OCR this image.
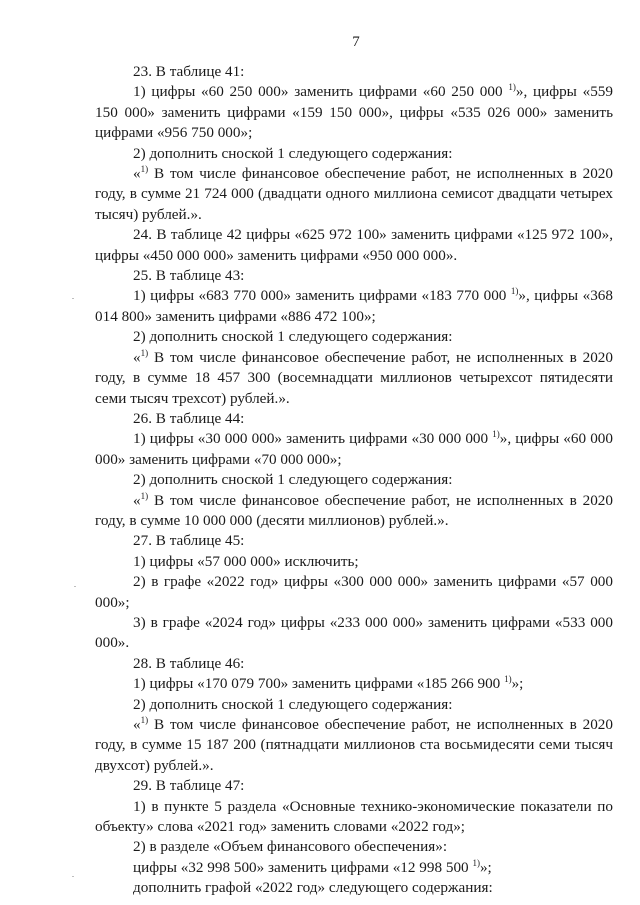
7

23. В таблице 41:

1) цифры «60 250 000» заменить цифрами «60 250 000 $^{1)}$», цифры «559 150 000» заменить цифрами «159 150 000», цифры «535 026 000» заменить цифрами «956 750 000»;

2) дополнить сноской 1 следующего содержания:

«$^{1)}$ В том числе финансовое обеспечение работ, не исполненных в 2020 году, в сумме 21 724 000 (двадцати одного миллиона семисот двадцати четырех тысяч) рублей.».

24. В таблице 42 цифры «625 972 100» заменить цифрами «125 972 100», цифры «450 000 000» заменить цифрами «950 000 000».

25. В таблице 43:

1) цифры «683 770 000» заменить цифрами «183 770 000 $^{1)}$», цифры «368 014 800» заменить цифрами «886 472 100»;

2) дополнить сноской 1 следующего содержания:

«$^{1)}$ В том числе финансовое обеспечение работ, не исполненных в 2020 году, в сумме 18 457 300 (восемнадцати миллионов четырехсот пятидесяти семи тысяч трехсот) рублей.».

26. В таблице 44:

1) цифры «30 000 000» заменить цифрами «30 000 000 $^{1)}$», цифры «60 000 000» заменить цифрами «70 000 000»;

2) дополнить сноской 1 следующего содержания:

«$^{1)}$ В том числе финансовое обеспечение работ, не исполненных в 2020 году, в сумме 10 000 000 (десяти миллионов) рублей.».

27. В таблице 45:

1) цифры «57 000 000» исключить;

2) в графе «2022 год» цифры «300 000 000» заменить цифрами «57 000 000»;

3) в графе «2024 год» цифры «233 000 000» заменить цифрами «533 000 000».

28. В таблице 46:

1) цифры «170 079 700» заменить цифрами «185 266 900 $^{1)}$»;

2) дополнить сноской 1 следующего содержания:

«$^{1)}$ В том числе финансовое обеспечение работ, не исполненных в 2020 году, в сумме 15 187 200 (пятнадцати миллионов ста восьмидесяти семи тысяч двухсот) рублей.».

29. В таблице 47:

1) в пункте 5 раздела «Основные технико-экономические показатели по объекту» слова «2021 год» заменить словами «2022 год»;

2) в разделе «Объем финансового обеспечения»:

цифры «32 998 500» заменить цифрами «12 998 500 $^{1)}$»;

дополнить графой «2022 год» следующего содержания:

.
.
.
